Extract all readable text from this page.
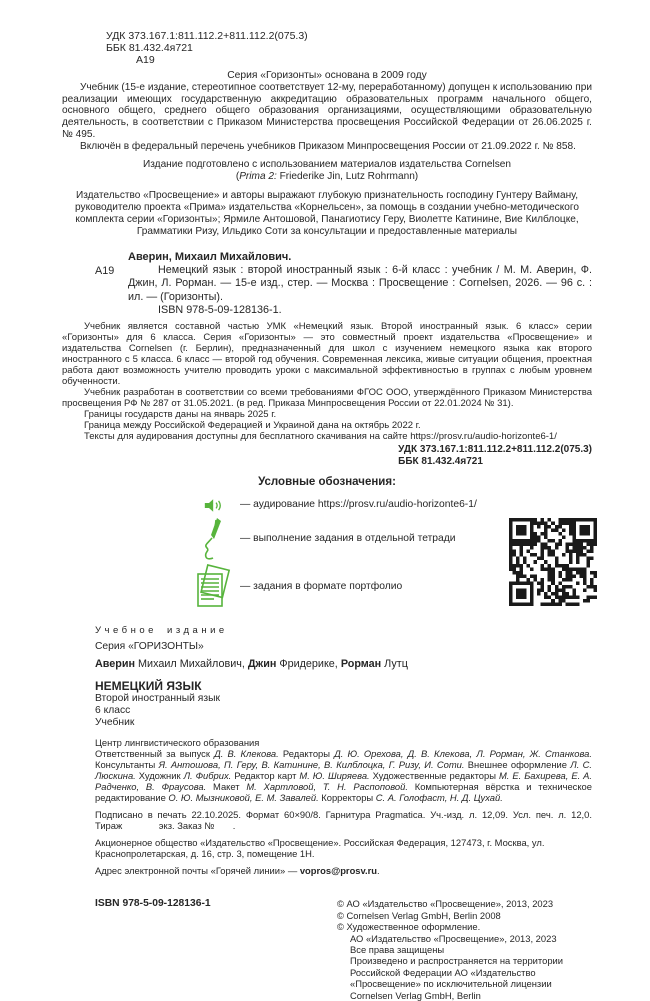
УДК 373.167.1:811.112.2+811.112.2(075.3)
ББК 81.432.4я721
А19
Серия «Горизонты» основана в 2009 году
Учебник (15-е издание, стереотипное соответствует 12-му, переработанному) допущен к использованию при реализации имеющих государственную аккредитацию образовательных программ начального общего, основного общего, среднего общего образования организациями, осуществляющими образовательную деятельность, в соответствии с Приказом Министерства просвещения Российской Федерации от 26.06.2025 г. № 495.
Включён в федеральный перечень учебников Приказом Минпросвещения России от 21.09.2022 г. № 858.
Издание подготовлено с использованием материалов издательства Cornelsen
(Prima 2: Friederike Jin, Lutz Rohrmann)
Издательство «Просвещение» и авторы выражают глубокую признательность господину Гунтеру Вайману, руководителю проекта «Прима» издательства «Корнельсен», за помощь в создании учебно-методического комплекта серии «Горизонты»; Ярмиле Антошовой, Панагиотису Геру, Виолетте Катинине, Вие Килблоцке, Грамматики Ризу, Ильдико Соти за консультации и предоставленные материалы
А19
Аверин, Михаил Михайлович.
Немецкий язык : второй иностранный язык : 6-й класс : учебник / М. М. Аверин, Ф. Джин, Л. Рорман. — 15-е изд., стер. — Москва : Просвещение : Cornelsen, 2026. — 96 с. : ил. — (Горизонты).
ISBN 978-5-09-128136-1.
Учебник является составной частью УМК «Немецкий язык. Второй иностранный язык. 6 класс» серии «Горизонты» для 6 класса. Серия «Горизонты» — это совместный проект издательства «Просвещение» и издательства Cornelsen (г. Берлин), предназначенный для школ с изучением немецкого языка как второго иностранного с 5 класса. 6 класс — второй год обучения. Современная лексика, живые ситуации общения, проектная работа дают возможность учителю проводить уроки с максимальной эффективностью в группах с любым уровнем обученности.
Учебник разработан в соответствии со всеми требованиями ФГОС ООО, утверждённого Приказом Министерства просвещения РФ № 287 от 31.05.2021. (в ред. Приказа Минпросвещения России от 22.01.2024 № 31).
Границы государств даны на январь 2025 г.
Граница между Российской Федерацией и Украиной дана на октябрь 2022 г.
Тексты для аудирования доступны для бесплатного скачивания на сайте https://prosv.ru/audio-horizonte6-1/
УДК 373.167.1:811.112.2+811.112.2(075.3)
ББК 81.432.4я721
Условные обозначения:
— аудирование https://prosv.ru/audio-horizonte6-1/
— выполнение задания в отдельной тетради
— задания в формате портфолио
Учебное издание
Серия «ГОРИЗОНТЫ»
Аверин Михаил Михайлович, Джин Фридерике, Рорман Лутц
НЕМЕЦКИЙ ЯЗЫК
Второй иностранный язык
6 класс
Учебник
Центр лингвистического образования
Ответственный за выпуск Д. В. Клекова. Редакторы Д. Ю. Орехова, Д. В. Клекова, Л. Рорман, Ж. Станкова. Консультанты Я. Антошова, П. Геру, В. Катинине, В. Килблоцка, Г. Ризу, И. Соти. Внешнее оформление Л. С. Люскина. Художник Л. Фибрих. Редактор карт М. Ю. Ширяева. Художественные редакторы М. Е. Бахирева, Е. А. Радченко, В. Фраусова. Макет М. Хартловой, Т. Н. Распоповой. Компьютерная вёрстка и техническое редактирование О. Ю. Мызниковой, Е. М. Завалей. Корректоры С. А. Голофаст, Н. Д. Цухай.
Подписано в печать 22.10.2025. Формат 60×90/8. Гарнитура Pragmatica. Уч.-изд. л. 12,09. Усл. печ. л. 12,0. Тираж              экз. Заказ №       .
Акционерное общество «Издательство «Просвещение». Российская Федерация, 127473, г. Москва, ул. Краснопролетарская, д. 16, стр. 3, помещение 1Н.
Адрес электронной почты «Горячей линии» — vopros@prosv.ru.
ISBN 978-5-09-128136-1	© АО «Издательство «Просвещение», 2013, 2023
© Cornelsen Verlag GmbH, Berlin 2008
© Художественное оформление.
АО «Издательство «Просвещение», 2013, 2023
Все права защищены
Произведено и распространяется на территории
Российской Федерации АО «Издательство
«Просвещение» по исключительной лицензии
Cornelsen Verlag GmbH, Berlin
